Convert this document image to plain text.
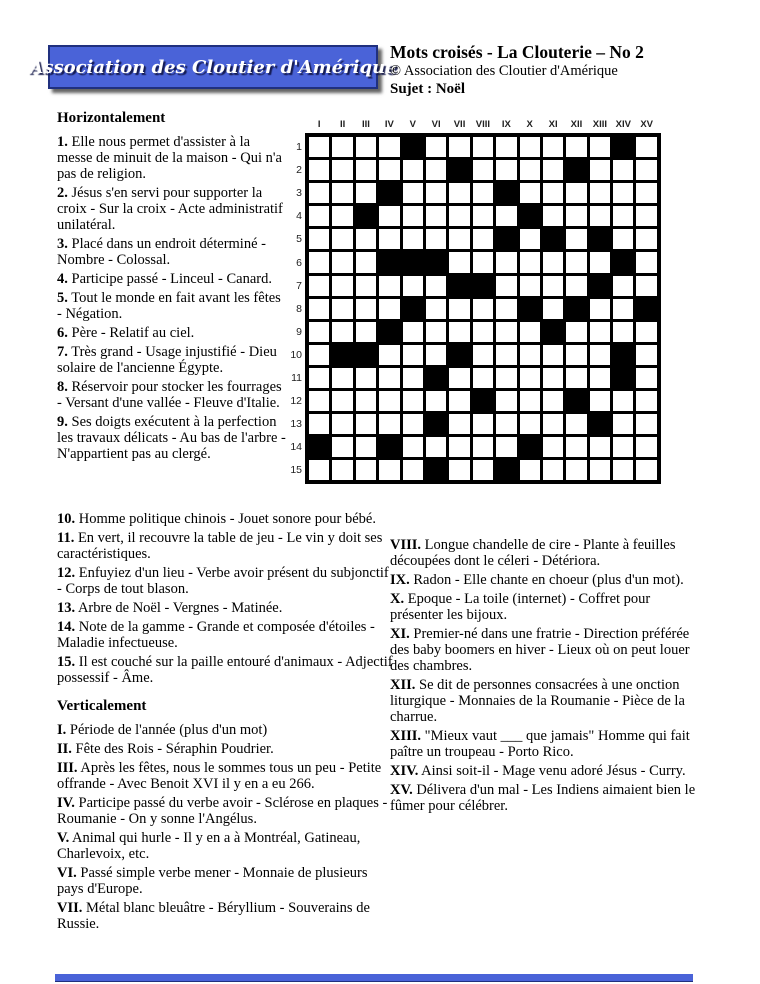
Association des Cloutier d'Amérique
Mots croisés - La Clouterie – No 2
© Association des Cloutier d'Amérique
Sujet : Noël
I	II	III	IV	V	VI	VII	VIII	IX	X	XI	XII	XIII XIV XV
1
2
3
4
5
6
7
8
9
10
11
12
13
14
15
Horizontalement

1. Elle nous permet d'assister à la messe de minuit de la maison - Qui n'a pas de religion.

2. Jésus s'en servi pour supporter la croix - Sur la croix - Acte administratif unilatéral.

3. Placé dans un endroit déterminé - Nombre - Colossal.

4. Participe passé - Linceul - Canard.

5. Tout le monde en fait avant les fêtes - Négation.

6. Père - Relatif au ciel.

7. Très grand - Usage injustifié - Dieu solaire de l'ancienne Égypte.

8. Réservoir pour stocker les fourrages - Versant d'une vallée - Fleuve d'Italie.

9. Ses doigts exécutent à la perfection les travaux délicats - Au bas de l'arbre - N'appartient pas au clergé.

10. Homme politique chinois - Jouet sonore pour bébé.

11. En vert, il recouvre la table de jeu - Le vin y doit ses caractéristiques.

12. Enfuyiez d'un lieu - Verbe avoir présent du subjonctif - Corps de tout blason.

13. Arbre de Noël - Vergnes - Matinée.

14. Note de la gamme - Grande et composée d'étoiles - Maladie infectueuse.

15. Il est couché sur la paille entouré d'animaux - Adjectif possessif - Âme.

Verticalement

I. Période de l'année (plus d'un mot)

II. Fête des Rois - Séraphin Poudrier.

III. Après les fêtes, nous le sommes tous un peu - Petite offrande - Avec Benoit XVI il y en a eu 266.

IV. Participe passé du verbe avoir - Sclérose en plaques - Roumanie - On y sonne l'Angélus.

V. Animal qui hurle - Il y en a à Montréal, Gatineau, Charlevoix, etc.

VI. Passé simple verbe mener - Monnaie de plusieurs pays d'Europe.

VII. Métal blanc bleuâtre - Béryllium - Souverains de Russie.

VIII. Longue chandelle de cire - Plante à feuilles découpées dont le céleri - Détériora.

IX. Radon - Elle chante en choeur (plus d'un mot).

X. Epoque - La toile (internet) - Coffret pour présenter les bijoux.

XI. Premier-né dans une fratrie - Direction préférée des baby boomers en hiver - Lieux où on peut louer des chambres.

XII. Se dit de personnes consacrées à une onction liturgique - Monnaies de la Roumanie - Pièce de la charrue.

XIII. "Mieux vaut ___ que jamais" Homme qui fait paître un troupeau - Porto Rico.

XIV. Ainsi soit-il - Mage venu adoré Jésus - Curry.

XV. Délivera d'un mal - Les Indiens aimaient bien le fûmer pour célébrer.
